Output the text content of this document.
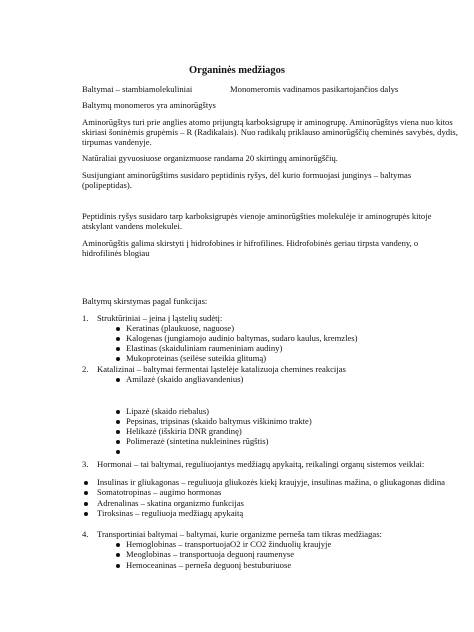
Organinės medžiagos
Baltymai – stambiamolekuliniai	Monomeromis vadinamos pasikartojančios dalys
Baltymų monomeros yra aminorūgštys
Aminorūgštys turi prie anglies atomo prijungtą karboksigrupę ir aminogrupę. Aminorūgštys viena nuo kitos
skiriasi šoninėmis grupėmis – R (Radikalais). Nuo radikalų priklauso aminorūgščių cheminės savybės, dydis,
tirpumas vandenyje.
Natūraliai gyvuosiuose organizmuose randama 20 skirtingų aminorūgščių.
Susijungiant aminorūgštims susidaro peptidinis ryšys, dėl kurio formuojasi junginys – baltymas
(polipeptidas).
Peptidinis ryšys susidaro tarp karboksigrupės vienoje aminorūgšties molekulėje ir aminogrupės kitoje
atskylant vandens molekulei.
Aminorūgštis galima skirstyti į hidrofobines ir hifrofilines. Hidrofobinės geriau tirpsta vandeny, o
hidrofilinės blogiau
Baltymų skirstymas pagal funkcijas:
1. Struktūriniai – įeina į ląstelių sudėtį:
Keratinas (plaukuose, naguose)
Kalogenas (jungiamojo audinio baltymas, sudaro kaulus, kremzles)
Elastinas (skaiduliniam raumeniniam audiny)
Mukoproteinas (seilėse suteikia glitumą)
2. Katalizinai – baltymai fermentai ląstelėje katalizuoja chemines reakcijas
Amilazė (skaido angliavandenius)
Lipazė (skaido riebalus)
Pepsinas, tripsinas (skaido baltymus viškinimo trakte)
Helikazė (išskiria DNR grandinę)
Polimerazė (sintetina nukleinines rūgštis)
3. Hormonai – tai baltymai, reguliuojantys medžiagų apykaitą, reikalingi organų sistemos veiklai:
Insulinas ir gliukagonas – reguliuoja gliukozės kiekį kraujyje, insulinas mažina, o gliukagonas didina
Somatotropinas – augimo hormonas
Adrenalinas – skatina organizmo funkcijas
Tiroksinas – reguliuoja medžiagų apykaitą
4. Transportiniai baltymai – baltymai, kurie organizme perneša tam tikras medžiagas:
Hemoglobinas – transportuojaO2 ir CO2 žinduolių kraujyje
Meoglobinas – transportuoja deguonį raumenyse
Hemoceaninas – perneša deguonį bestuburiuose
